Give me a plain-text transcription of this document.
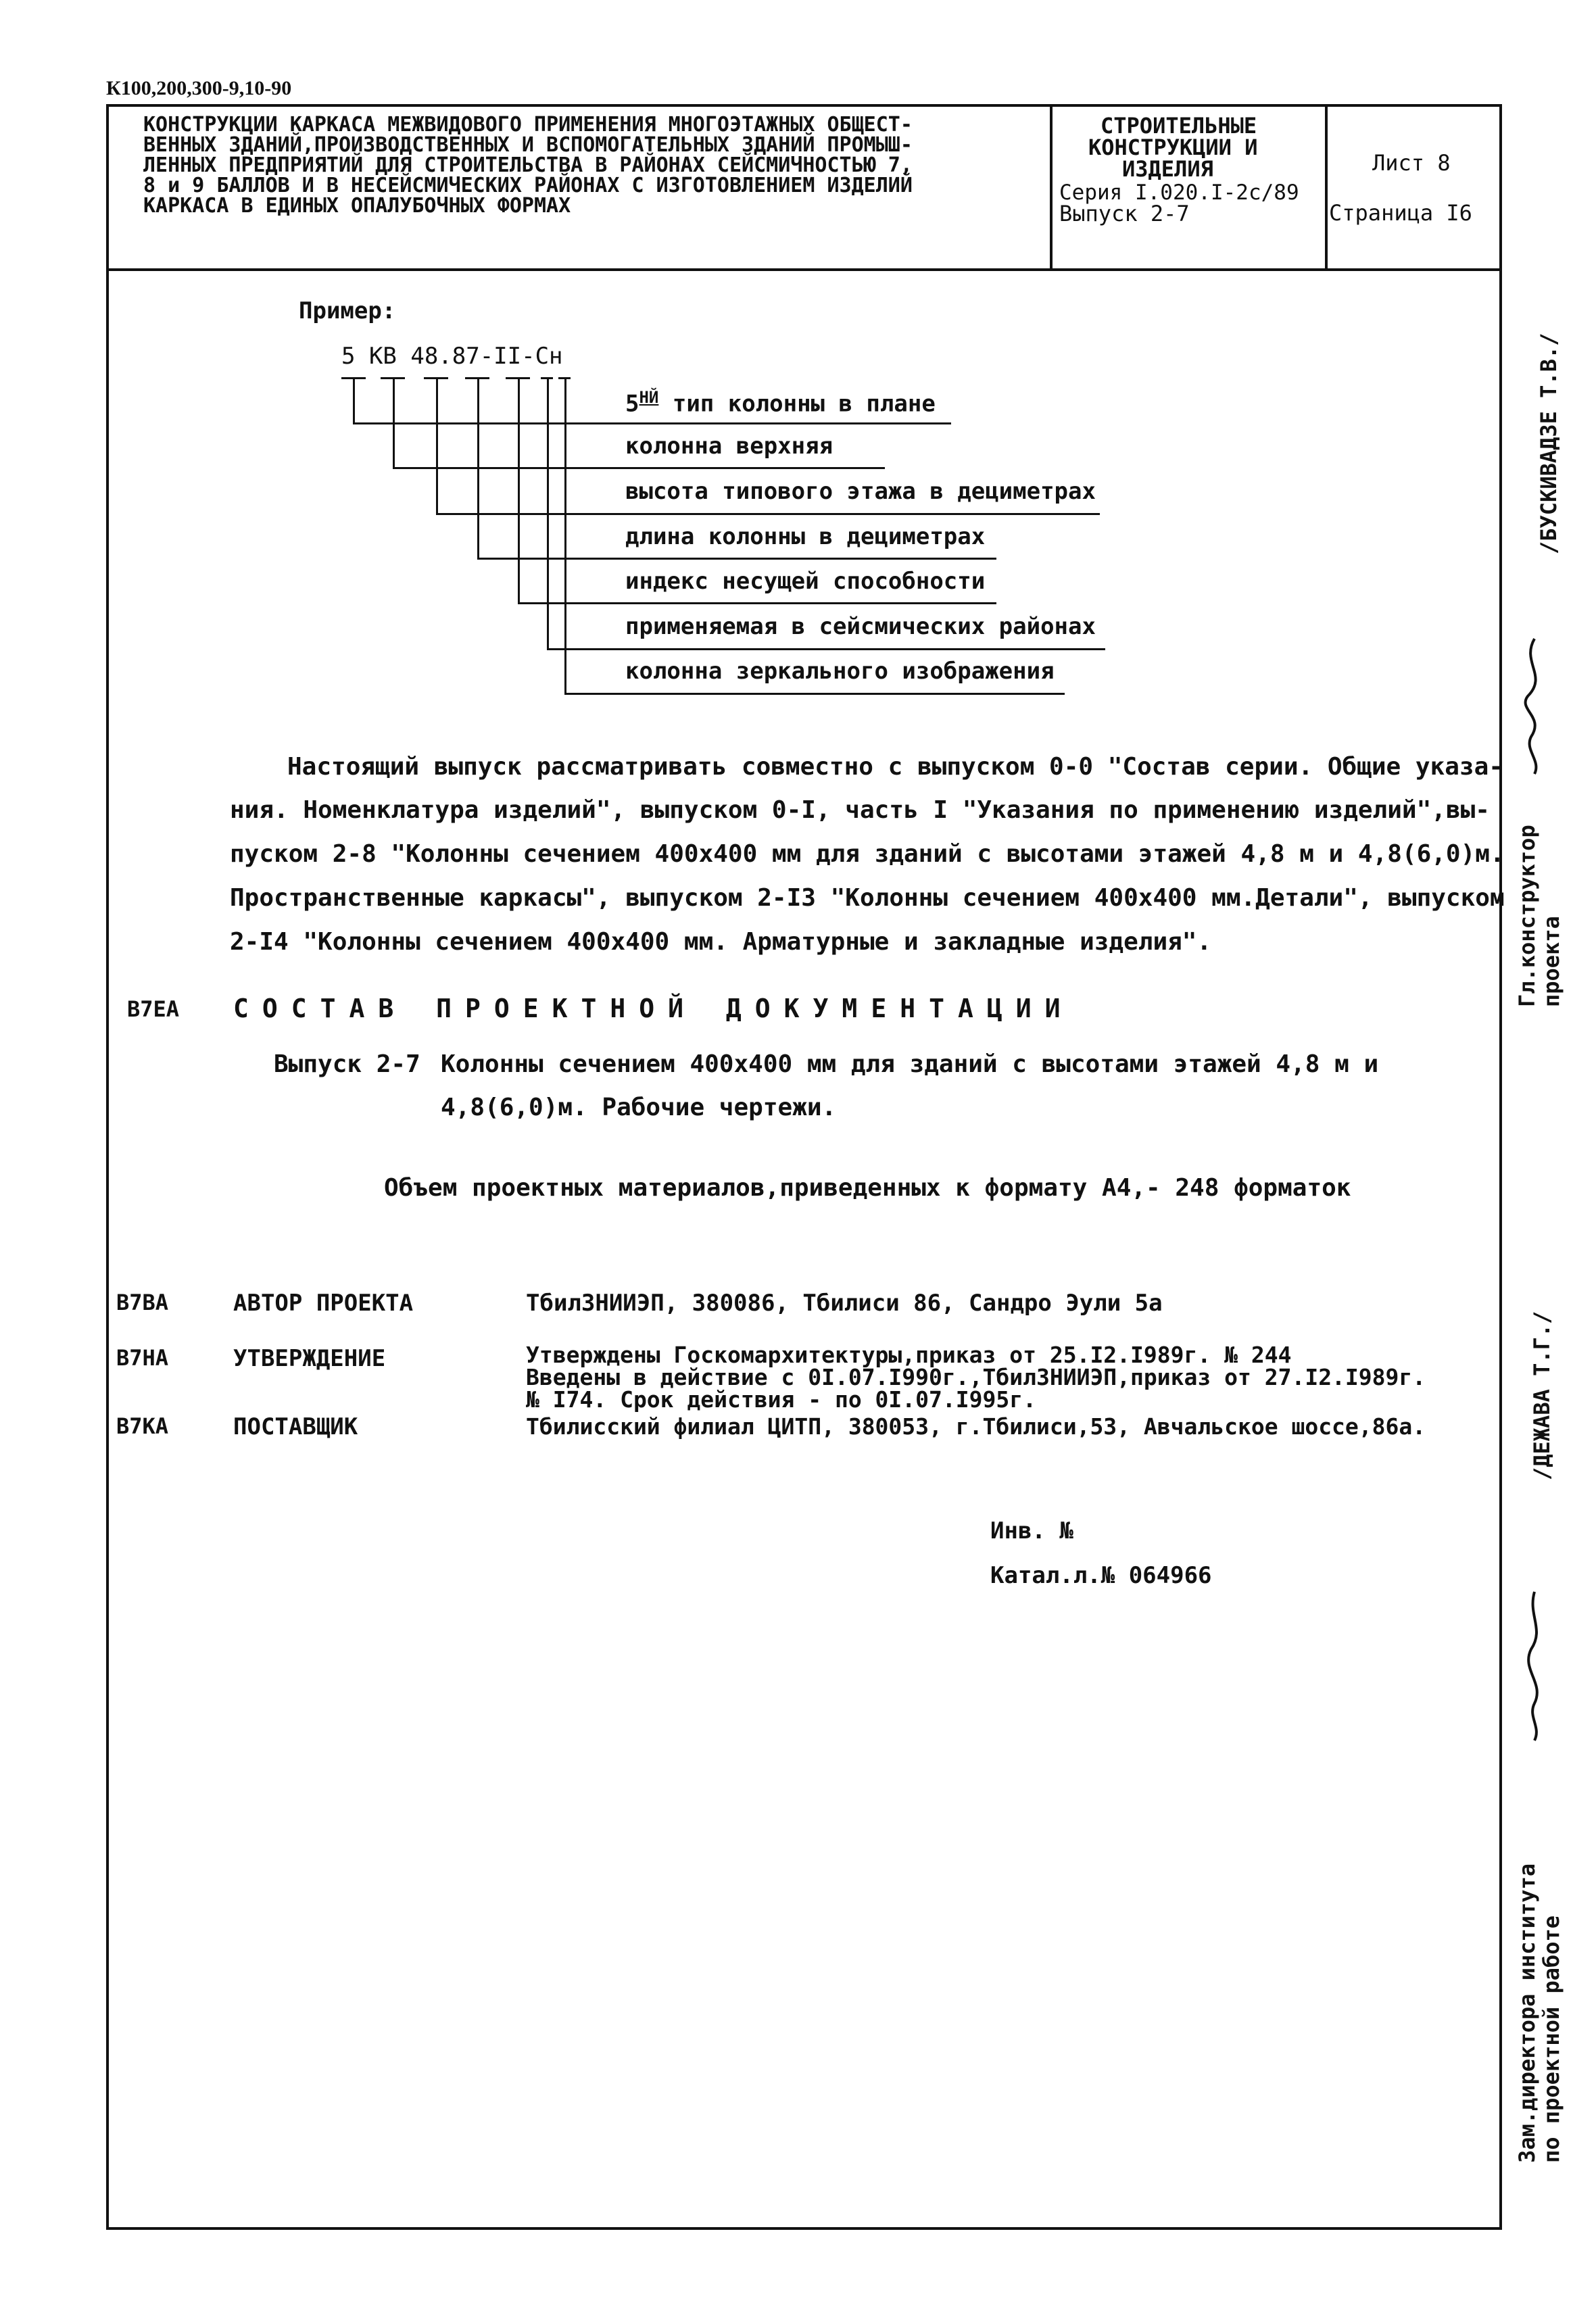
К100,200,300-9,10-90
КОНСТРУКЦИИ КАРКАСА МЕЖВИДОВОГО ПРИМЕНЕНИЯ МНОГОЭТАЖНЫХ ОБЩЕСТ-
ВЕННЫХ ЗДАНИЙ,ПРОИЗВОДСТВЕННЫХ И ВСПОМОГАТЕЛЬНЫХ ЗДАНИЙ ПРОМЫШ-
ЛЕННЫХ ПРЕДПРИЯТИЙ ДЛЯ СТРОИТЕЛЬСТВА В РАЙОНАХ СЕЙСМИЧНОСТЬЮ 7,
8 и 9 БАЛЛОВ И В НЕСЕЙСМИЧЕСКИХ РАЙОНАХ С ИЗГОТОВЛЕНИЕМ ИЗДЕЛИЙ
КАРКАСА В ЕДИНЫХ ОПАЛУБОЧНЫХ ФОРМАХ
СТРОИТЕЛЬНЫЕ
КОНСТРУКЦИИ И
ИЗДЕЛИЯ
Серия I.020.I-2с/89
Выпуск 2-7
Лист 8
Страница I6
Пример:
5 КВ 48.87-II-Сн
$5^{НЙ}$ тип колонны в плане
колонна верхняя
высота типового этажа в дециметрах
длина колонны в дециметрах
индекс несущей способности
применяемая в сейсмических районах
колонна зеркального изображения
Настоящий выпуск рассматривать совместно с выпуском 0-0 "Состав серии. Общие указа-
ния. Номенклатура изделий", выпуском 0-I, часть I "Указания по применению изделий",вы-
пуском 2-8 "Колонны сечением 400х400 мм для зданий с высотами этажей 4,8 м и 4,8(6,0)м.
Пространственные каркасы", выпуском 2-I3 "Колонны сечением 400х400 мм.Детали", выпуском
2-I4 "Колонны сечением 400х400 мм. Арматурные и закладные изделия".
В7ЕА СОСТАВ ПРОЕКТНОЙ ДОКУМЕНТАЦИИ
Выпуск 2-7 Колонны сечением 400х400 мм для зданий с высотами этажей 4,8 м и
4,8(6,0)м. Рабочие чертежи.
Объем проектных материалов,приведенных к формату А4,- 248 форматок
В7ВА	АВТОР ПРОЕКТА	ТбилЗНИИЭП, 380086, Тбилиси 86, Сандро Эули 5а
В7НА	УТВЕРЖДЕНИЕ	Утверждены Госкомархитектуры,приказ от 25.I2.I989г. № 244
Введены в действие с 0I.07.I990г.,ТбилЗНИИЭП,приказ от 27.I2.I989г.
№ I74. Срок действия - по 0I.07.I995г.
В7КА	ПОСТАВЩИК	Тбилисский филиал ЦИТП, 380053, г.Тбилиси,53, Авчальское шоссе,86а.
Инв. №
Катал.л.№ 064966
/БУСКИВАДЗЕ Т.В./
Гл.конструктор
проекта
/ДЕЖАВА Т.Г./
Зам.директора института
по проектной работе
